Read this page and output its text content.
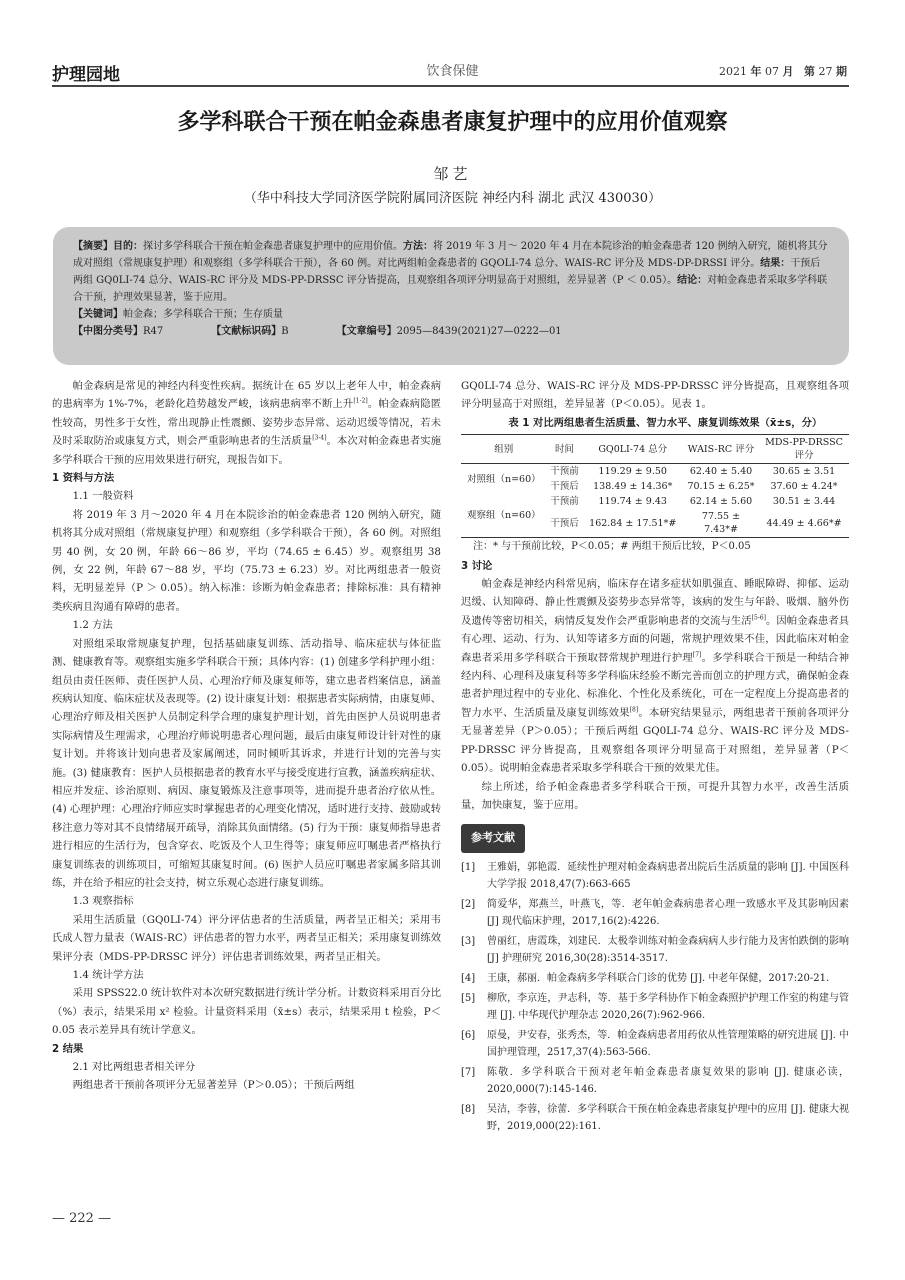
护理园地	饮食保健	2021 年 07 月 第 27 期
多学科联合干预在帕金森患者康复护理中的应用价值观察
邹艺
（华中科技大学同济医学院附属同济医院 神经内科 湖北 武汉 430030）
【摘要】目的：探讨多学科联合干预在帕金森患者康复护理中的应用价值。方法：将 2019 年 3 月～ 2020 年 4 月在本院诊治的帕金森患者 120 例纳入研究，随机将其分成对照组（常规康复护理）和观察组（多学科联合干预），各 60 例。对比两组帕金森患者的 GQOLI-74 总分、WAIS-RC 评分及 MDS-DP-DRSSI 评分。结果：干预后两组 GQ0LI-74 总分、WAIS-RC 评分及 MDS-PP-DRSSC 评分皆提高，且观察组各项评分明显高于对照组，差异显著（P ＜ 0.05）。结论：对帕金森患者采取多学科联合干预，护理效果显著，鉴于应用。
【关键词】帕金森；多学科联合干预；生存质量
【中图分类号】R47	【文献标识码】B	【文章编号】2095—8439(2021)27—0222—01

帕金森病是常见的神经内科变性疾病。据统计在 65 岁以上老年人中，帕金森病的患病率为 1%-7%，老龄化趋势越发严峻，该病患病率不断上升[1-2]。帕金森病隐匿性较高，男性多于女性，常出现静止性震颤、姿势步态异常、运动迟缓等情况，若未及时采取防治或康复方式，则会严重影响患者的生活质量[3-4]。本次对帕金森患者实施多学科联合干预的应用效果进行研究，现报告如下。

1 资料与方法

1.1 一般资料

将 2019 年 3 月～2020 年 4 月在本院诊治的帕金森患者 120 例纳入研究，随机将其分成对照组（常规康复护理）和观察组（多学科联合干预），各 60 例。对照组男 40 例，女 20 例，年龄 66～86 岁，平均（74.65 ± 6.45）岁。观察组男 38 例，女 22 例，年龄 67～88 岁，平均（75.73 ± 6.23）岁。对比两组患者一般资料，无明显差异（P ＞ 0.05）。纳入标准：诊断为帕金森患者；排除标准：具有精神类疾病且沟通有障碍的患者。

1.2 方法

对照组采取常规康复护理，包括基础康复训练、活动指导、临床症状与体征监测、健康教育等。观察组实施多学科联合干预；具体内容：(1) 创建多学科护理小组：组员由责任医师、责任医护人员、心理治疗师及康复师等，建立患者档案信息，涵盖疾病认知度、临床症状及表现等。(2) 设计康复计划：根据患者实际病情，由康复师、心理治疗师及相关医护人员制定科学合理的康复护理计划，首先由医护人员说明患者实际病情及生理需求，心理治疗师说明患者心理问题，最后由康复师设计针对性的康复计划。并将该计划向患者及家属阐述，同时倾听其诉求，并进行计划的完善与实施。(3) 健康教育：医护人员根据患者的教育水平与接受度进行宣教，涵盖疾病症状、相应并发症、诊治原则、病因、康复锻炼及注意事项等，进而提升患者治疗依从性。(4) 心理护理：心理治疗师应实时掌握患者的心理变化情况，适时进行支持、鼓励或转移注意力等对其不良情绪展开疏导，消除其负面情绪。(5) 行为干预：康复师指导患者进行相应的生活行为，包含穿衣、吃饭及个人卫生得等；康复师应叮嘱患者严格执行康复训练表的训练项目，可缩短其康复时间。(6) 医护人员应叮嘱患者家属多陪其训练，并在给予相应的社会支持，树立乐观心态进行康复训练。

1.3 观察指标

采用生活质量（GQ0LI-74）评分评估患者的生活质量，两者呈正相关；采用韦氏成人智力量表（WAIS-RC）评估患者的智力水平，两者呈正相关；采用康复训练效果评分表（MDS-PP-DRSSC 评分）评估患者训练效果，两者呈正相关。

1.4 统计学方法

采用 SPSS22.0 统计软件对本次研究数据进行统计学分析。计数资料采用百分比（%）表示，结果采用 x² 检验。计量资料采用（x̄±s）表示，结果采用 t 检验，P＜0.05 表示差异具有统计学意义。

2 结果

2.1 对比两组患者相关评分

两组患者干预前各项评分无显著差异（P＞0.05）；干预后两组

GQ0LI-74 总分、WAIS-RC 评分及 MDS-PP-DRSSC 评分皆提高，且观察组各项评分明显高于对照组，差异显著（P＜0.05）。见表 1。

表 1 对比两组患者生活质量、智力水平、康复训练效果（x̄±s，分）

组别	时间	GQ0LI-74 总分	WAIS-RC 评分	MDS-PP-DRSSC 评分
对照组（n=60）	干预前	119.29 ± 9.50	62.40 ± 5.40	30.65 ± 3.51
	干预后	138.49 ± 14.36*	70.15 ± 6.25*	37.60 ± 4.24*
观察组（n=60）	干预前	119.74 ± 9.43	62.14 ± 5.60	30.51 ± 3.44
	干预后	162.84 ± 17.51*#	77.55 ± 7.43*#	44.49 ± 4.66*#

注：* 与干预前比较，P＜0.05；# 两组干预后比较，P＜0.05

3 讨论

帕金森是神经内科常见病，临床存在诸多症状如肌强直、睡眠障碍、抑郁、运动迟缓、认知障碍、静止性震颤及姿势步态异常等，该病的发生与年龄、吸烟、脑外伤及遗传等密切相关，病情反复发作会严重影响患者的交流与生活[5-6]。因帕金森患者具有心理、运动、行为、认知等诸多方面的问题，常规护理效果不佳，因此临床对帕金森患者采用多学科联合干预取替常规护理进行护理[7]。多学科联合干预是一种结合神经内科、心理科及康复科等多学科临床经验不断完善而创立的护理方式，确保帕金森患者护理过程中的专业化、标准化、个性化及系统化，可在一定程度上分提高患者的智力水平、生活质量及康复训练效果[8]。本研究结果显示，两组患者干预前各项评分无显著差异（P＞0.05）；干预后两组 GQ0LI-74 总分、WAIS-RC 评分及 MDS-PP-DRSSC 评分皆提高，且观察组各项评分明显高于对照组，差异显著（P＜0.05）。说明帕金森患者采取多学科联合干预的效果尤佳。

综上所述，给予帕金森患者多学科联合干预，可提升其智力水平，改善生活质量，加快康复，鉴于应用。

参考文献
[1]	王雅娟，郭艳霞．延续性护理对帕金森病患者出院后生活质量的影响 [J]. 中国医科大学学报 2018,47(7):663-665
[2]	简爱华，郑燕兰，叶燕飞，等．老年帕金森病患者心理一致感水平及其影响因素 [J] 现代临床护理，2017,16(2):4226.
[3]	曾丽红，唐霞珠，刘建民．太极拳训练对帕金森病病人步行能力及害怕跌倒的影响 [J] 护理研究 2016,30(28):3514-3517.
[4]	王康，郝丽．帕金森病多学科联合门诊的优势 [J]. 中老年保健，2017:20-21.
[5]	柳欣，李京连，尹志科，等．基于多学科协作下帕金森照护护理工作室的构建与管理 [J]. 中华现代护理杂志 2020,26(7):962-966.
[6]	原曼，尹安春，张秀杰，等．帕金森病患者用药依从性管理策略的研究进展 [J]. 中国护理管理，2517,37(4):563-566.
[7]	陈敬．多学科联合干预对老年帕金森患者康复效果的影响 [J]. 健康必读，2020,000(7):145-146.
[8]	吴洁，李蓉，徐蕾．多学科联合干预在帕金森患者康复护理中的应用 [J]. 健康大视野，2019,000(22):161.
— 222 —
